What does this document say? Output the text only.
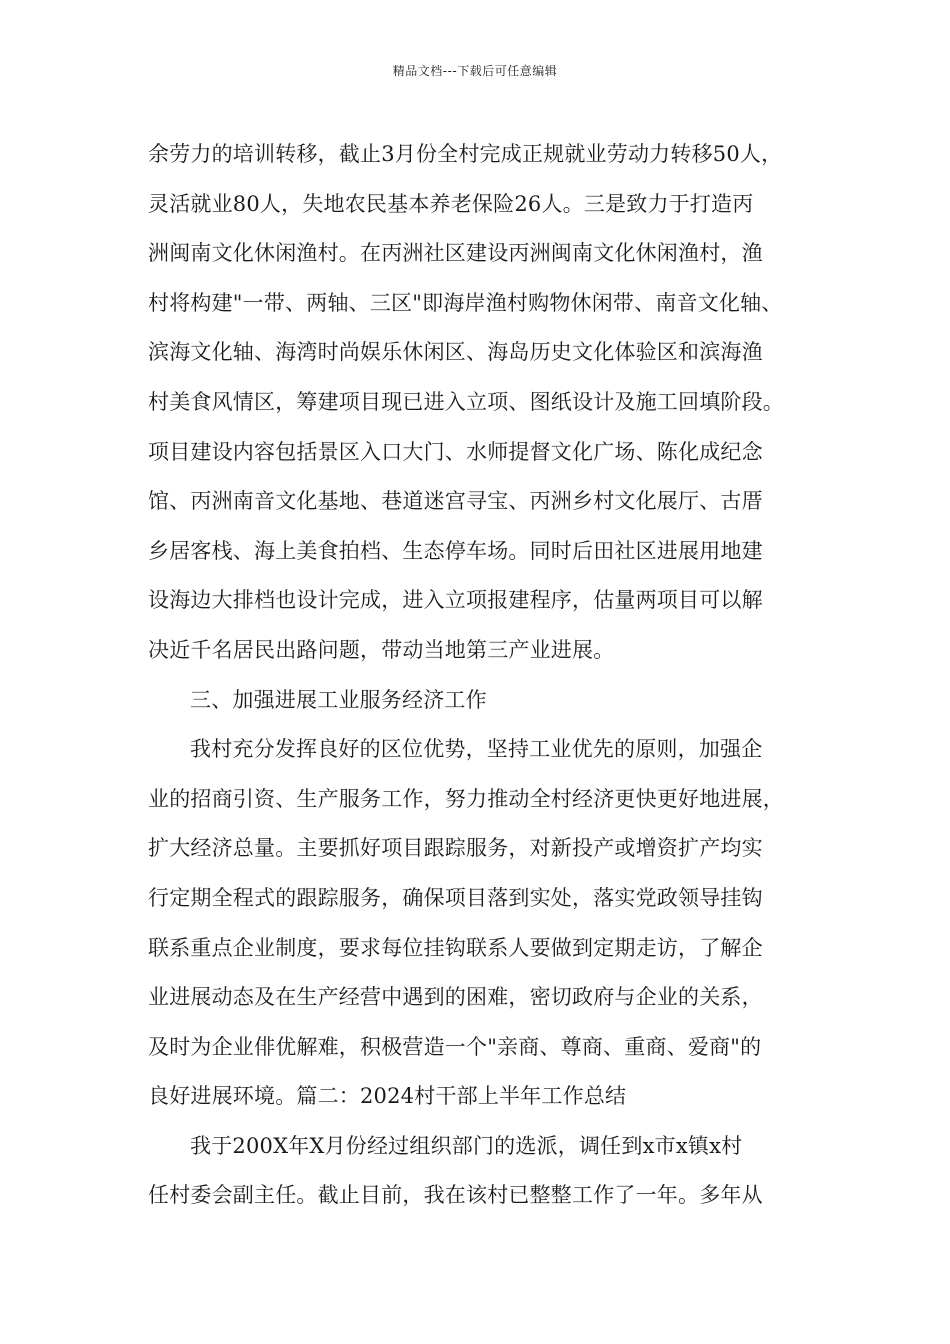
精品文档---下载后可任意编辑
余劳力的培训转移，截止3月份全村完成正规就业劳动力转移50人，
灵活就业80人，失地农民基本养老保险26人。三是致力于打造丙
洲闽南文化休闲渔村。在丙洲社区建设丙洲闽南文化休闲渔村，渔
村将构建"一带、两轴、三区"即海岸渔村购物休闲带、南音文化轴、
滨海文化轴、海湾时尚娱乐休闲区、海岛历史文化体验区和滨海渔
村美食风情区，筹建项目现已进入立项、图纸设计及施工回填阶段。
项目建设内容包括景区入口大门、水师提督文化广场、陈化成纪念
馆、丙洲南音文化基地、巷道迷宫寻宝、丙洲乡村文化展厅、古厝
乡居客栈、海上美食拍档、生态停车场。同时后田社区进展用地建
设海边大排档也设计完成，进入立项报建程序，估量两项目可以解
决近千名居民出路问题，带动当地第三产业进展。
三、加强进展工业服务经济工作
我村充分发挥良好的区位优势，坚持工业优先的原则，加强企
业的招商引资、生产服务工作，努力推动全村经济更快更好地进展，
扩大经济总量。主要抓好项目跟踪服务，对新投产或增资扩产均实
行定期全程式的跟踪服务，确保项目落到实处，落实党政领导挂钩
联系重点企业制度，要求每位挂钩联系人要做到定期走访，了解企
业进展动态及在生产经营中遇到的困难，密切政府与企业的关系，
及时为企业俳优解难，积极营造一个"亲商、尊商、重商、爱商"的
良好进展环境。篇二：2024村干部上半年工作总结
我于200X年X月份经过组织部门的选派，调任到x市x镇x村
任村委会副主任。截止目前，我在该村已整整工作了一年。多年从
